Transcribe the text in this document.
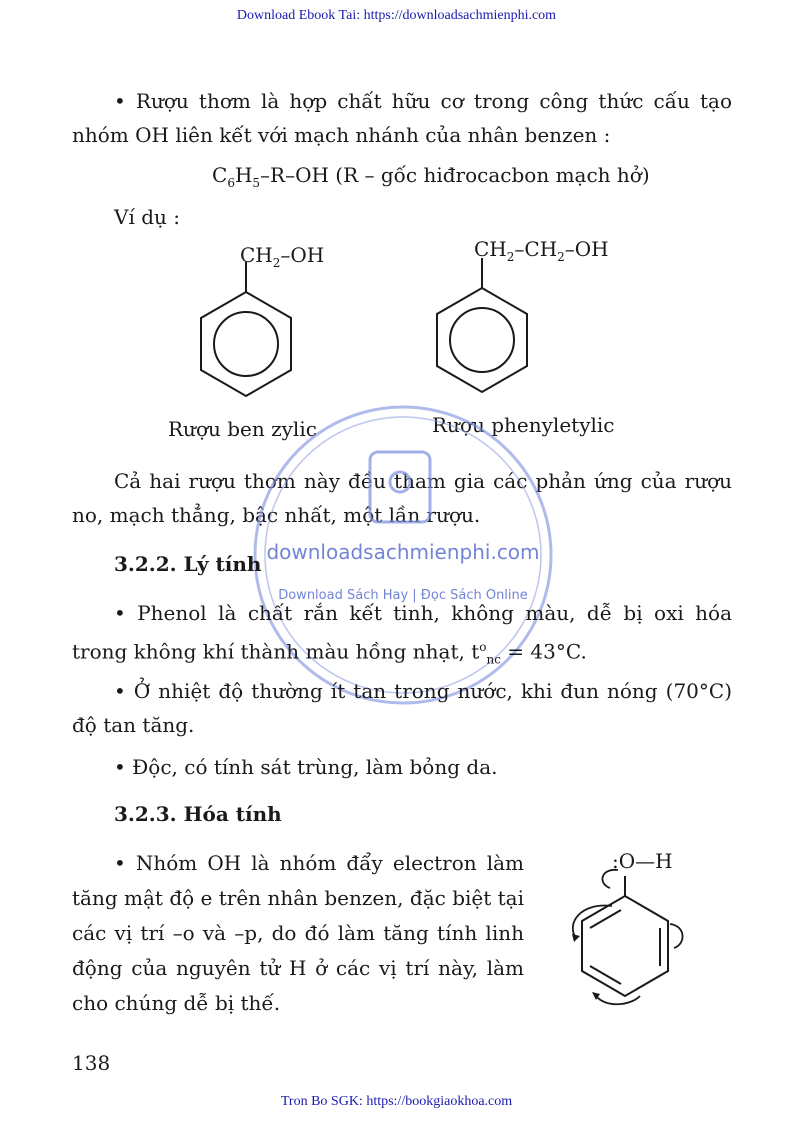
Download Ebook Tai: https://downloadsachmienphi.com
• Rượu thơm là hợp chất hữu cơ trong công thức cấu tạo nhóm OH liên kết với mạch nhánh của nhân benzen :
$C_6H_5-R-OH$ (R – gốc hiđrocacbon mạch hở)
Ví dụ :
$CH_2-OH$	$CH_2-CH_2-OH$
Rượu ben zylic	Rượu phenyletylic
Cả hai rượu thơm này đều tham gia các phản ứng của rượu no, mạch thẳng, bậc nhất, một lần rượu.
downloadsachmienphi.com
Download Sách Hay | Đọc Sách Online
3.2.2. Lý tính
• Phenol là chất rắn kết tinh, không màu, dễ bị oxi hóa trong không khí thành màu hồng nhạt, $t^o_{nc} = 43^\circ C$.
• Ở nhiệt độ thường ít tan trong nước, khi đun nóng (70°C) độ tan tăng.
• Độc, có tính sát trùng, làm bỏng da.
3.2.3. Hóa tính
• Nhóm OH là nhóm đẩy electron làm tăng mật độ e trên nhân benzen, đặc biệt tại các vị trí –o và –p, do đó làm tăng tính linh động của nguyên tử H ở các vị trí này, làm cho chúng dễ bị thế.
:O—H
138
Tron Bo SGK: https://bookgiaokhoa.com
